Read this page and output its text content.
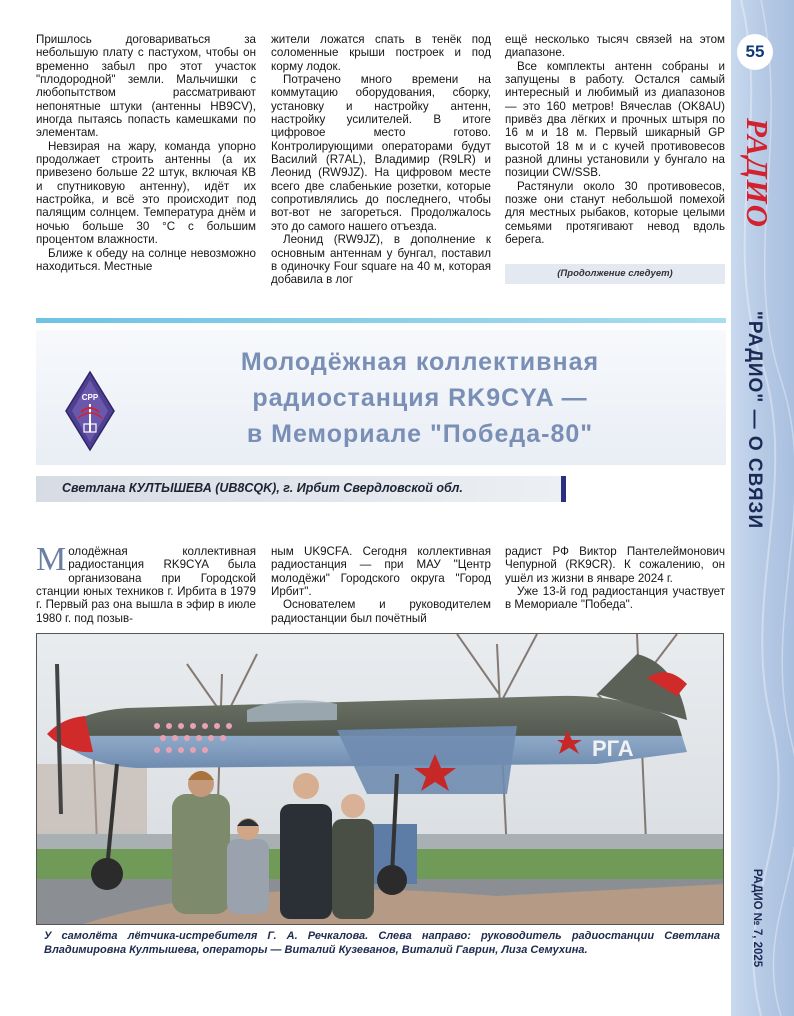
55
РАДИО
"РАДИО" — О СВЯЗИ
РАДИО № 7, 2025

Пришлось договариваться за небольшую плату с пастухом, чтобы он временно забыл про этот участок "плодородной" земли. Мальчишки с любопытством рассматривают непонятные штуки (антенны HB9CV), иногда пытаясь попасть камешками по элементам.

Невзирая на жару, команда упорно продолжает строить антенны (а их привезено больше 22 штук, включая КВ и спутниковую антенну), идёт их настройка, и всё это происходит под палящим солнцем. Температура днём и ночью больше 30 °С с большим процентом влажности.

Ближе к обеду на солнце невозможно находиться. Местные

жители ложатся спать в тенёк под соломенные крыши построек и под корму лодок.

Потрачено много времени на коммутацию оборудования, сборку, установку и настройку антенн, настройку усилителей. В итоге цифровое место готово. Контролирующими операторами будут Василий (R7AL), Владимир (R9LR) и Леонид (RW9JZ). На цифровом месте всего две слабенькие розетки, которые сопротивлялись до последнего, чтобы вот-вот не загореться. Продолжалось это до самого нашего отъезда.

Леонид (RW9JZ), в дополнение к основным антеннам у бунгал, поставил в одиночку Four square на 40 м, которая добавила в лог

ещё несколько тысяч связей на этом диапазоне.

Все комплекты антенн собраны и запущены в работу. Остался самый интересный и любимый из диапазонов — это 160 метров! Вячеслав (OK8AU) привёз два лёгких и прочных штыря по 16 м и 18 м. Первый шикарный GP высотой 18 м и с кучей противовесов разной длины установили у бунгало на позиции CW/SSB.

Растянули около 30 противовесов, позже они станут небольшой помехой для местных рыбаков, которые целыми семьями протягивают невод вдоль берега.

(Продолжение следует)
СРР
Молодёжная коллективная
радиостанция RK9CYA —
в Мемориале "Победа-80"
Светлана КУЛТЫШЕВА (UB8CQK), г. Ирбит Свердловской обл.

Молодёжная коллективная радиостанция RK9CYA была организована при Городской станции юных техников г. Ирбита в 1979 г. Первый раз она вышла в эфир в июле 1980 г. под позыв-

ным UK9CFA. Сегодня коллективная радиостанция — при МАУ "Центр молодёжи" Городского округа "Город Ирбит".

Основателем и руководителем радиостанции был почётный

радист РФ Виктор Пантелеймонович Чепурной (RK9CR). К сожалению, он ушёл из жизни в январе 2024 г.

Уже 13-й год радиостанция участвует в Мемориале "Победа".

РГА
У самолёта лётчика-истребителя Г. А. Речкалова. Слева направо: руководитель радиостанции Светлана Владимировна Култышева, операторы — Виталий Кузеванов, Виталий Гаврин, Лиза Семухина.
